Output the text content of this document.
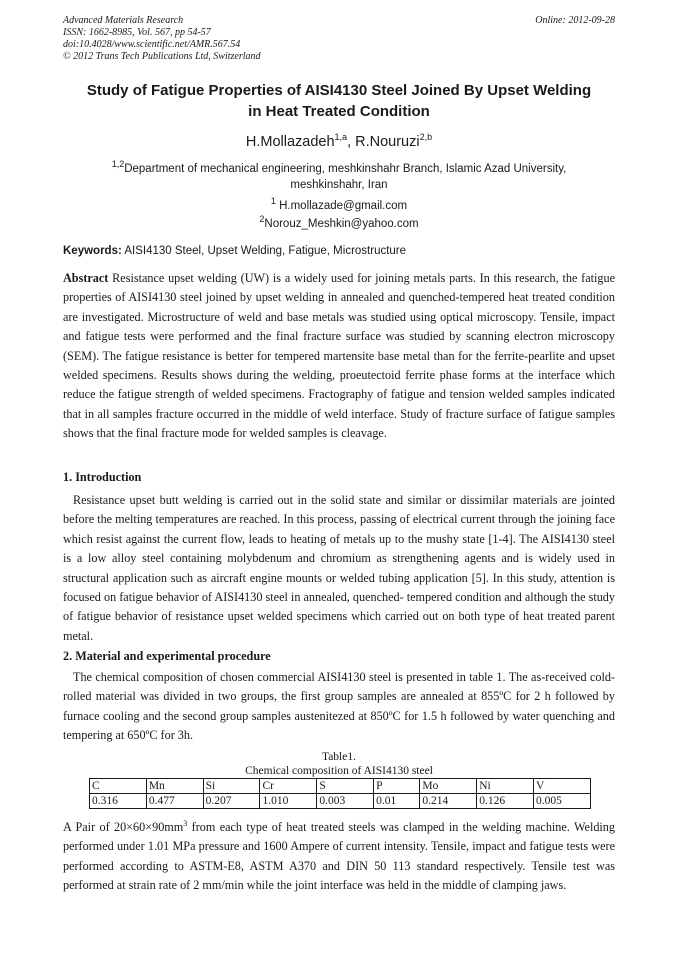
Advanced Materials Research
ISSN: 1662-8985, Vol. 567, pp 54-57
doi:10.4028/www.scientific.net/AMR.567.54
© 2012 Trans Tech Publications Ltd, Switzerland
Online: 2012-09-28
Study of Fatigue Properties of AISI4130 Steel Joined By Upset Welding
in Heat Treated Condition
H.Mollazadeh$^{1,a}$, R.Nouruzi$^{2,b}$
$^{1,2}$Department of mechanical engineering, meshkinshahr Branch, Islamic Azad University,
meshkinshahr, Iran
$^1$ H.mollazade@gmail.com
$^2$Norouz_Meshkin@yahoo.com
Keywords: AISI4130 Steel, Upset Welding, Fatigue, Microstructure
Abstract Resistance upset welding (UW) is a widely used for joining metals parts. In this research, the fatigue properties of AISI4130 steel joined by upset welding in annealed and quenched-tempered heat treated condition are investigated. Microstructure of weld and base metals was studied using optical microscopy. Tensile, impact and fatigue tests were performed and the final fracture surface was studied by scanning electron microscopy (SEM). The fatigue resistance is better for tempered martensite base metal than for the ferrite-pearlite and upset welded specimens. Results shows during the welding, proeutectoid ferrite phase forms at the interface which reduce the fatigue strength of welded specimens. Fractography of fatigue and tension welded samples indicated that in all samples fracture occurred in the middle of weld interface. Study of fracture surface of fatigue samples shows that the final fracture mode for welded samples is cleavage.
1. Introduction
Resistance upset butt welding is carried out in the solid state and similar or dissimilar materials are jointed before the melting temperatures are reached. In this process, passing of electrical current through the joining face which resist against the current flow, leads to heating of metals up to the mushy state [1-4]. The AISI4130 steel is a low alloy steel containing molybdenum and chromium as strengthening agents and is widely used in structural application such as aircraft engine mounts or welded tubing application [5]. In this study, attention is focused on fatigue behavior of AISI4130 steel in annealed, quenched- tempered condition and although the study of fatigue behavior of resistance upset welded specimens which carried out on both type of heat treated parent metal.
2. Material and experimental procedure
The chemical composition of chosen commercial AISI4130 steel is presented in table 1. The as-received cold-rolled material was divided in two groups, the first group samples are annealed at 855ºC for 2 h followed by furnace cooling and the second group samples austenitezed at 850ºC for 1.5 h followed by water quenching and tempering at 650ºC for 3h.
Table1.
Chemical composition of AISI4130 steel
C	Mn	Si	Cr	S	P	Mo	Ni	V
0.316	0.477	0.207	1.010	0.003	0.01	0.214	0.126	0.005
A Pair of $20\times 60\times 90mm^3$ from each type of heat treated steels was clamped in the welding machine. Welding performed under 1.01 MPa pressure and 1600 Ampere of current intensity. Tensile, impact and fatigue tests were performed according to ASTM-E8, ASTM A370 and DIN 50 113 standard respectively. Tensile test was performed at strain rate of 2 mm/min while the joint interface was held in the middle of clamping jaws.
